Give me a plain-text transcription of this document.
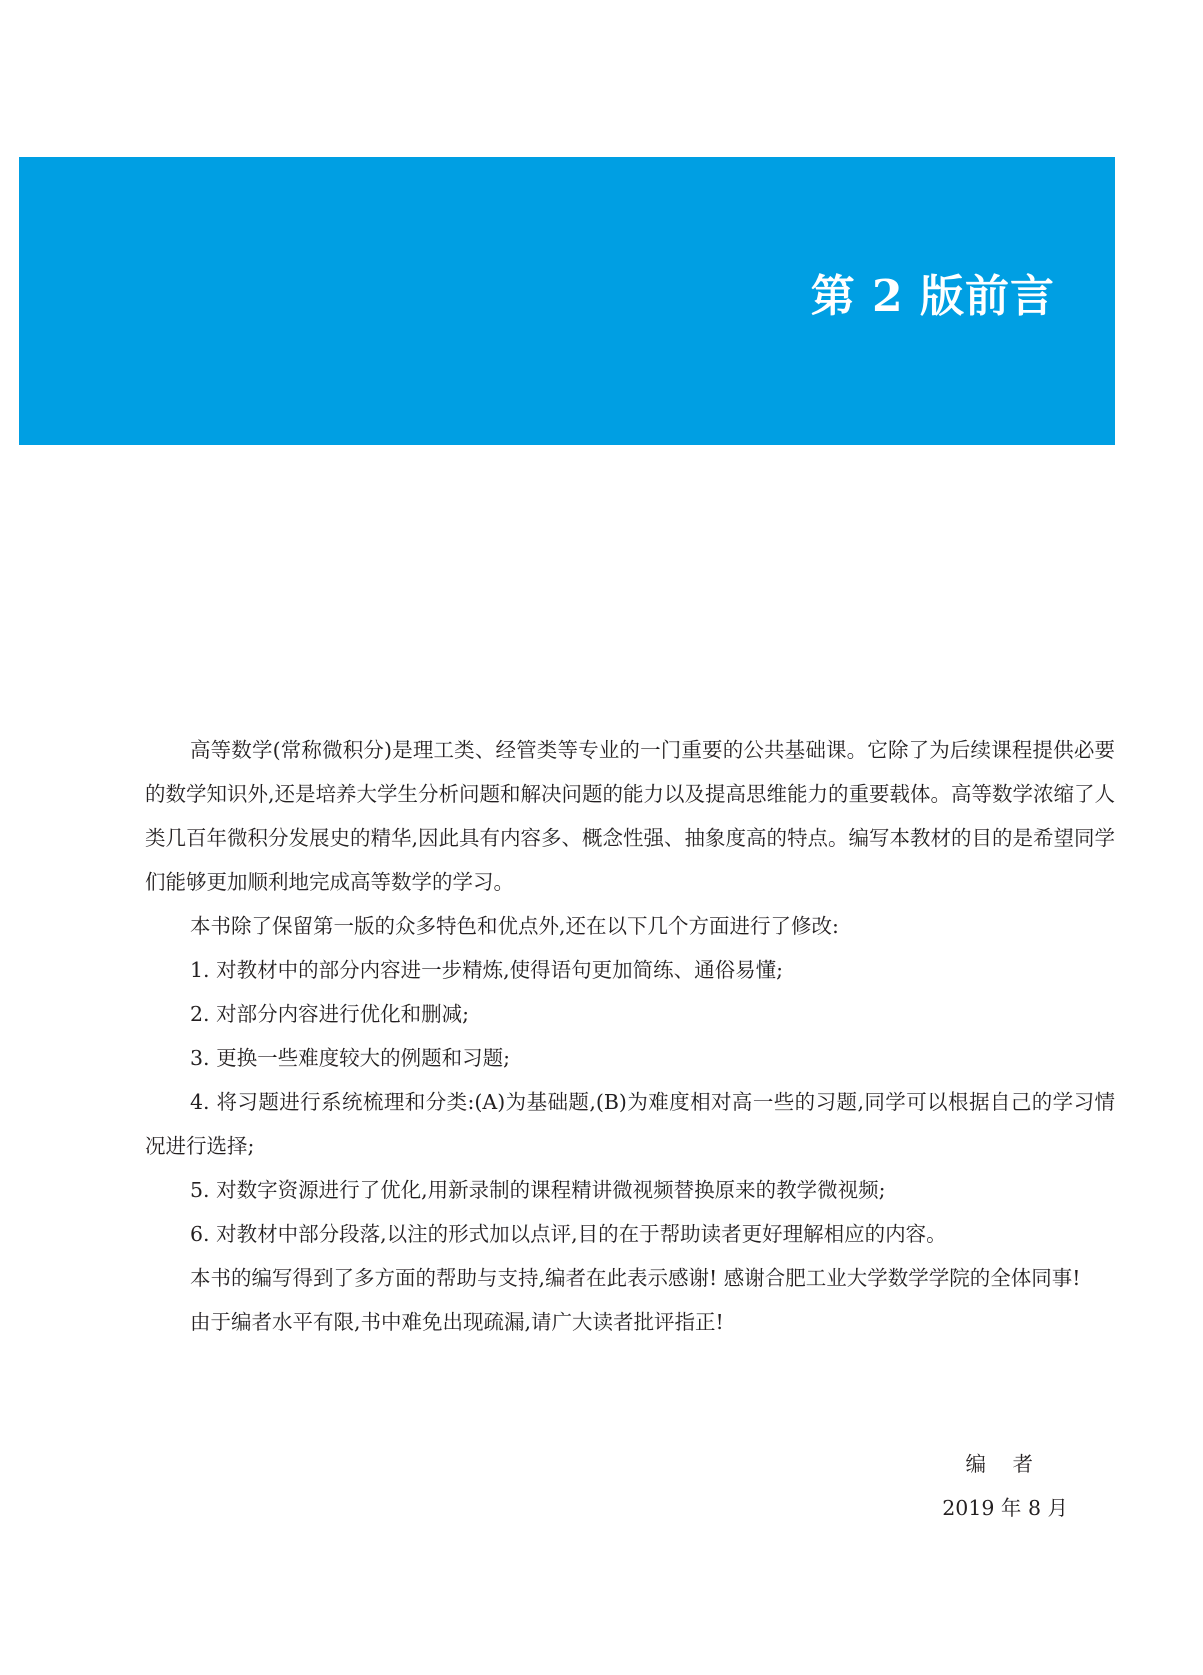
第 2 版前言

高等数学(常称微积分)是理工类、经管类等专业的一门重要的公共基础课。它除了为后续课程提供必要的数学知识外,还是培养大学生分析问题和解决问题的能力以及提高思维能力的重要载体。高等数学浓缩了人类几百年微积分发展史的精华,因此具有内容多、概念性强、抽象度高的特点。编写本教材的目的是希望同学们能够更加顺利地完成高等数学的学习。

本书除了保留第一版的众多特色和优点外,还在以下几个方面进行了修改:

1. 对教材中的部分内容进一步精炼,使得语句更加简练、通俗易懂;

2. 对部分内容进行优化和删减;

3. 更换一些难度较大的例题和习题;

4. 将习题进行系统梳理和分类:(A)为基础题,(B)为难度相对高一些的习题,同学可以根据自己的学习情况进行选择;

5. 对数字资源进行了优化,用新录制的课程精讲微视频替换原来的教学微视频;

6. 对教材中部分段落,以注的形式加以点评,目的在于帮助读者更好理解相应的内容。

本书的编写得到了多方面的帮助与支持,编者在此表示感谢! 感谢合肥工业大学数学学院的全体同事!

由于编者水平有限,书中难免出现疏漏,请广大读者批评指正!

编 者

2019 年 8 月
